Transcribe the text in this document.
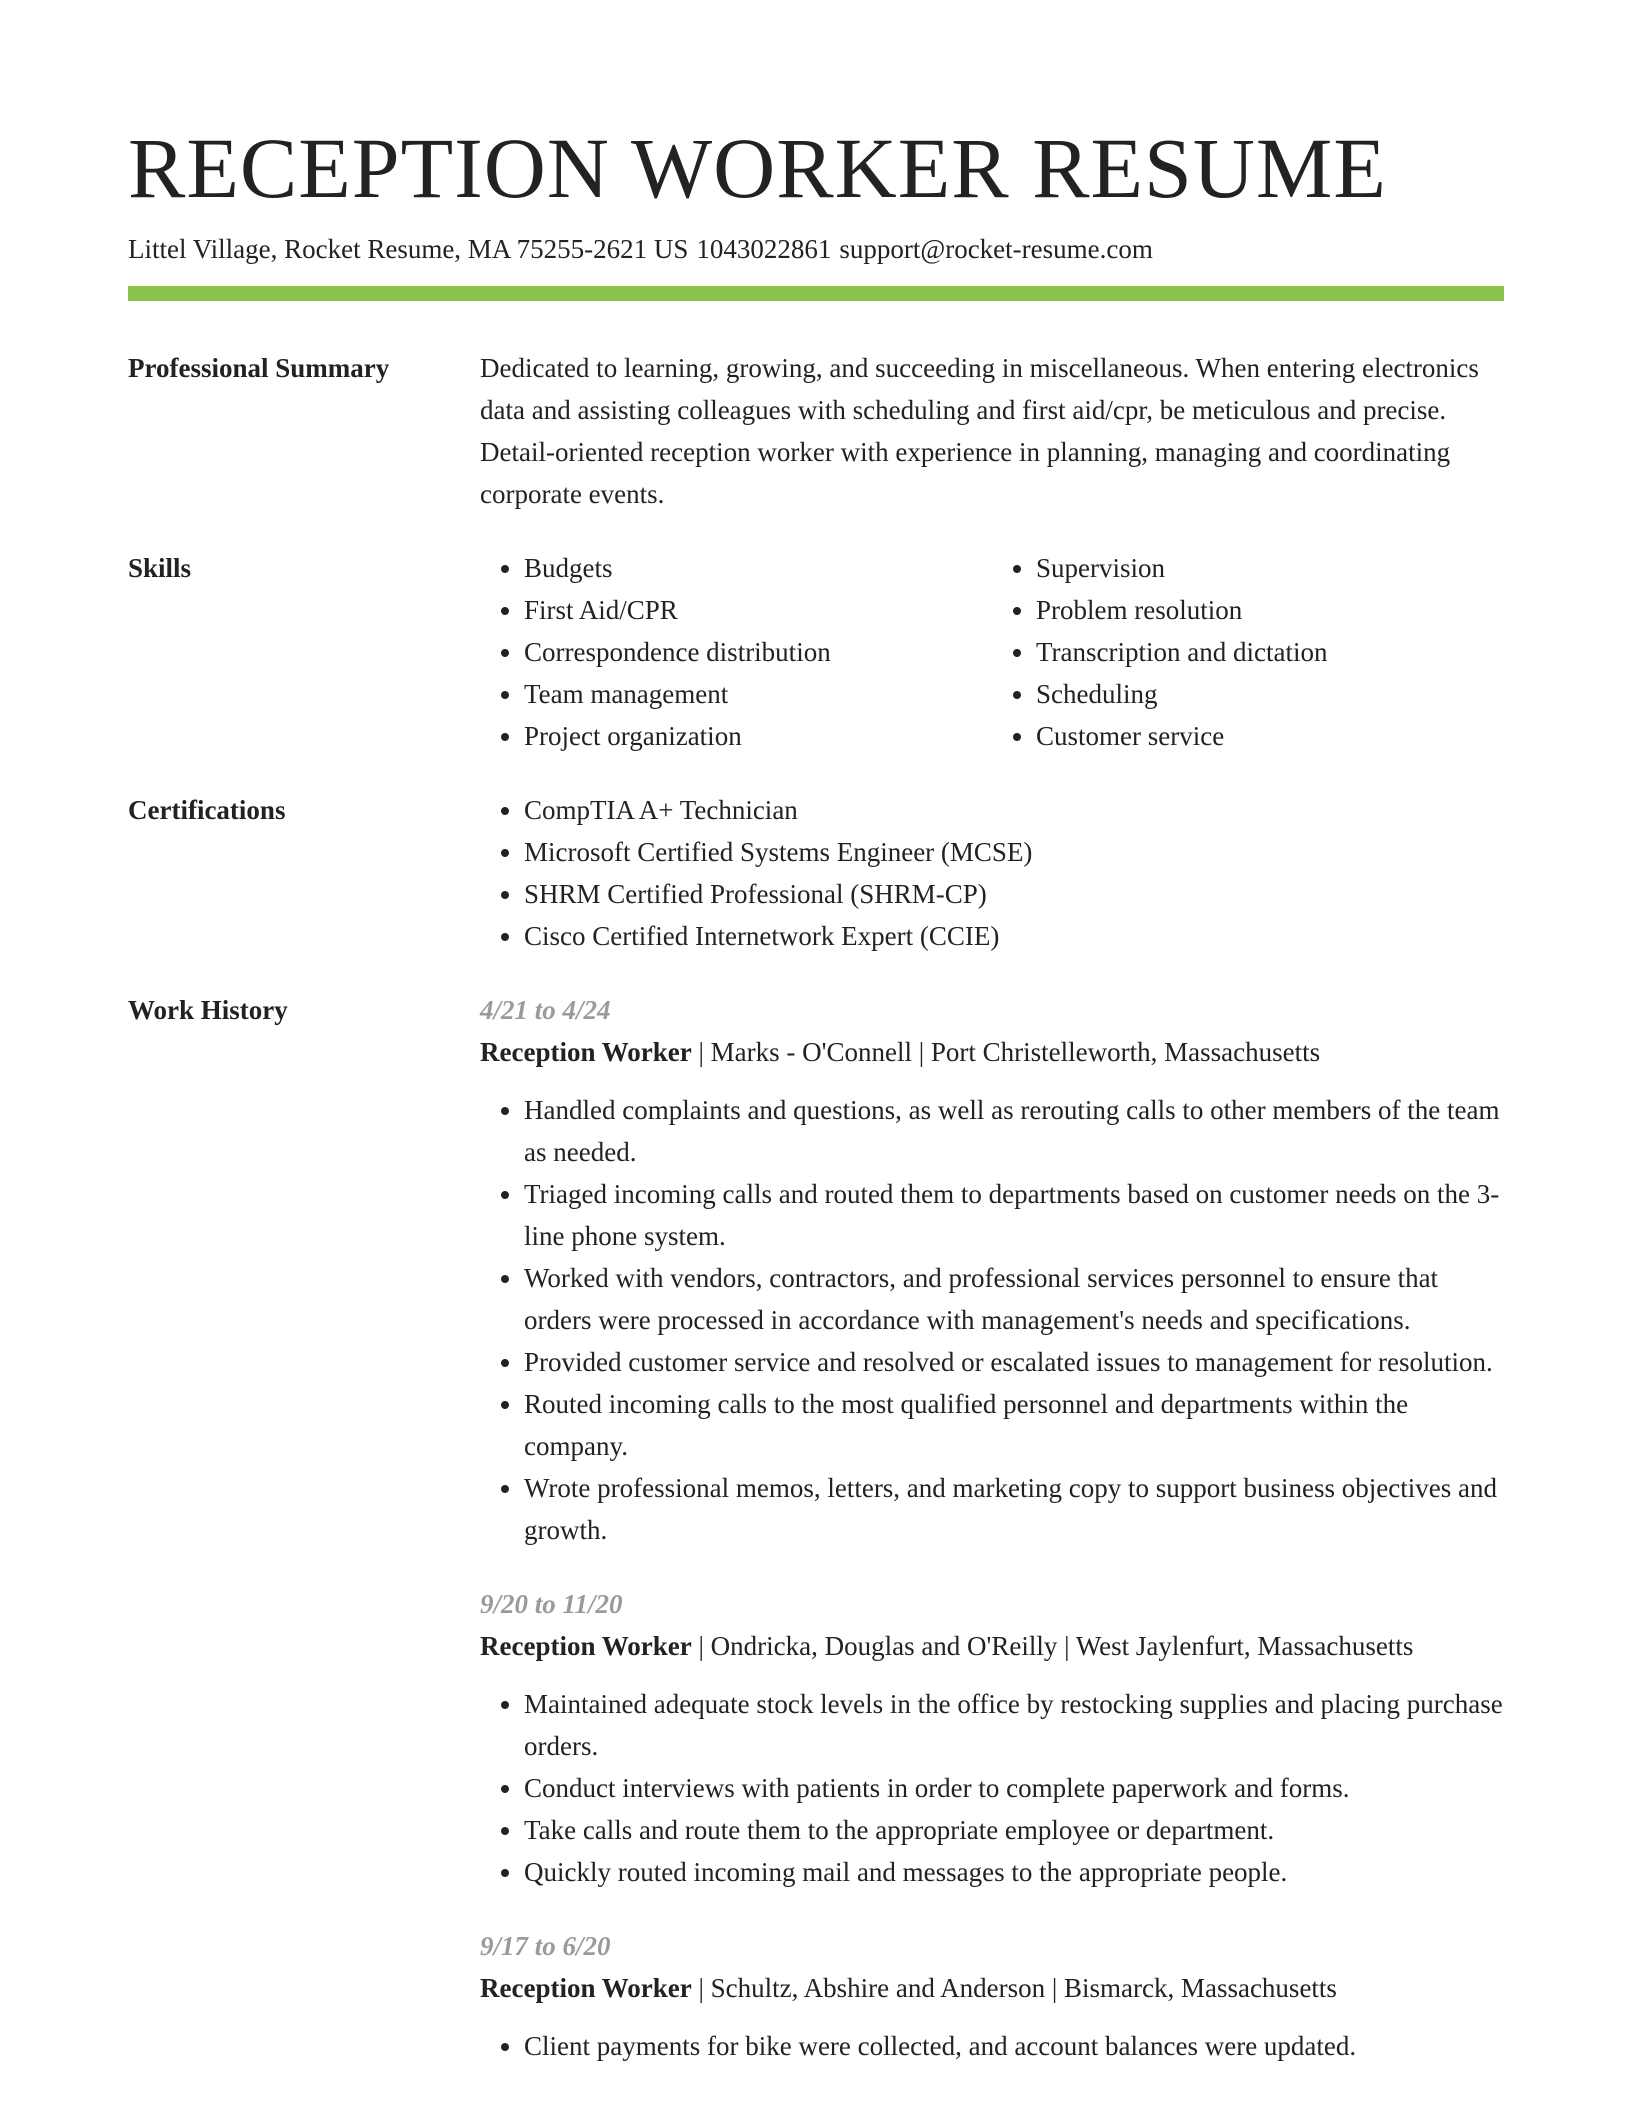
RECEPTION WORKER RESUME
Littel Village, Rocket Resume, MA 75255-2621 US 1043022861 support@rocket-resume.com
Professional Summary	Dedicated to learning, growing, and succeeding in miscellaneous. When entering electronics data and assisting colleagues with scheduling and first aid/cpr, be meticulous and precise. Detail-oriented reception worker with experience in planning, managing and coordinating corporate events.

Skills	• Budgets
• First Aid/CPR
• Correspondence distribution
• Team management
• Project organization
• Supervision
• Problem resolution
• Transcription and dictation
• Scheduling
• Customer service
Certifications	• CompTIA A+ Technician
• Microsoft Certified Systems Engineer (MCSE)
• SHRM Certified Professional (SHRM-CP)
• Cisco Certified Internetwork Expert (CCIE)
Work History	4/21 to 4/24
Reception Worker | Marks - O'Connell | Port Christelleworth, Massachusetts
• Handled complaints and questions, as well as rerouting calls to other members of the team as needed.
• Triaged incoming calls and routed them to departments based on customer needs on the 3-line phone system.
• Worked with vendors, contractors, and professional services personnel to ensure that orders were processed in accordance with management's needs and specifications.
• Provided customer service and resolved or escalated issues to management for resolution.
• Routed incoming calls to the most qualified personnel and departments within the company.
• Wrote professional memos, letters, and marketing copy to support business objectives and growth.
9/20 to 11/20
Reception Worker | Ondricka, Douglas and O'Reilly | West Jaylenfurt, Massachusetts
• Maintained adequate stock levels in the office by restocking supplies and placing purchase orders.
• Conduct interviews with patients in order to complete paperwork and forms.
• Take calls and route them to the appropriate employee or department.
• Quickly routed incoming mail and messages to the appropriate people.
9/17 to 6/20
Reception Worker | Schultz, Abshire and Anderson | Bismarck, Massachusetts
• Client payments for bike were collected, and account balances were updated.
